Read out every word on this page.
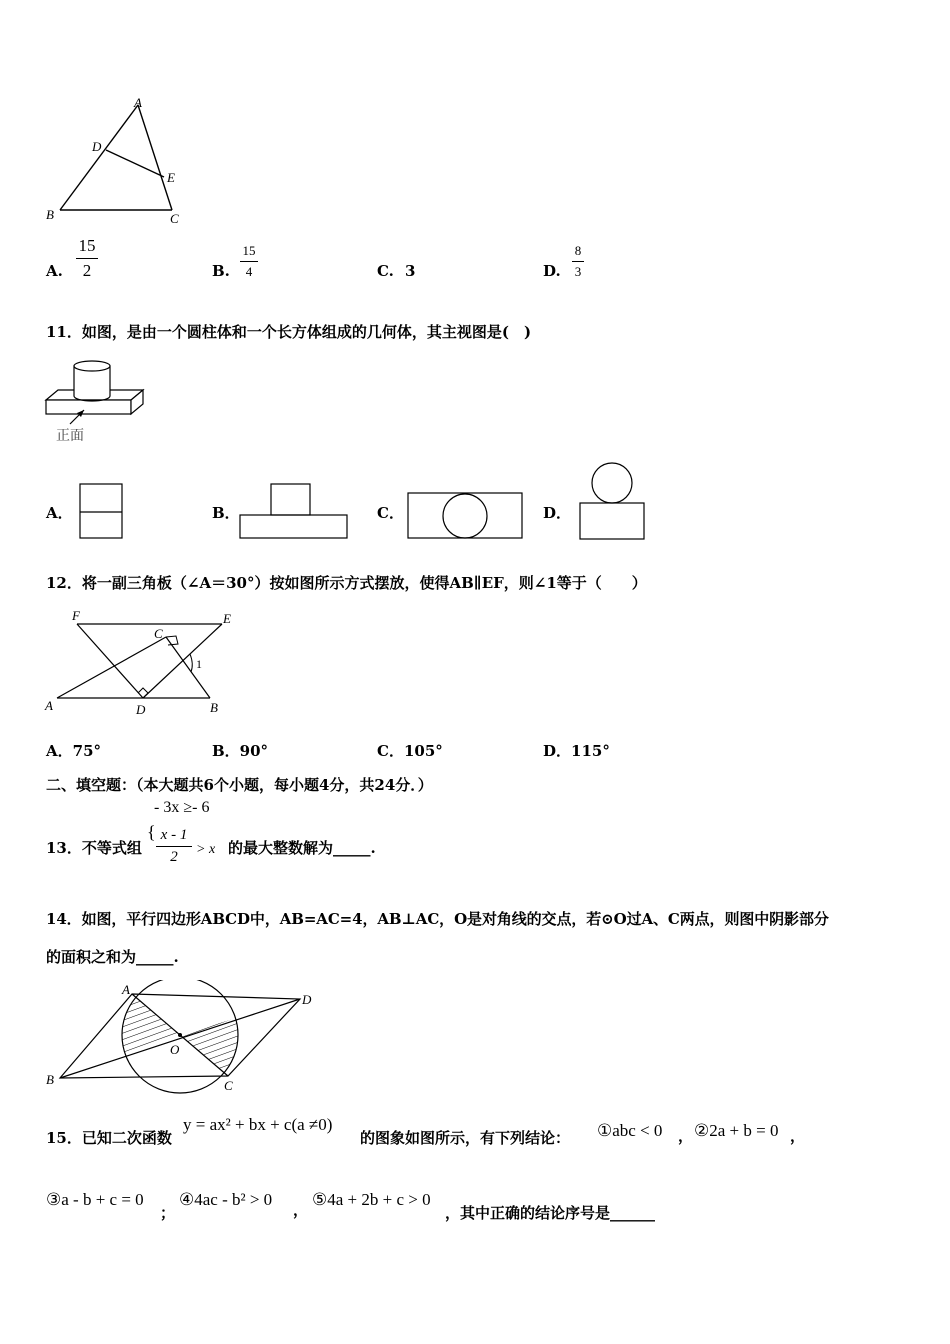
A
D
E
B	C
A.
15
2	B.
15
4	C. 3	D.
8
3
11．如图，是由一个圆柱体和一个长方体组成的几何体，其主视图是(　)
正面
A．	B．	C．	D．
12．将一副三角板（∠A＝30°）按如图所示方式摆放，使得AB∥EF，则∠1等于（　　）
F	E
C
1
A	D	B
A．75°	B．90°	C．105°	D．115°
二、填空题：（本大题共6个小题，每小题4分，共24分．）
- 3x ≥- 6
13．不等式组
{ x - 1
2	> x 的最大整数解为_____.
14．如图，平行四边形ABCD中，AB=AC=4，AB⊥AC，O是对角线的交点，若⊙O过A、C两点，则图中阴影部分
的面积之和为_____.
A
D
O
B	C
15．已知二次函数
y = ax² + bx + c(a ≠0)
的图象如图所示，有下列结论： ①abc < 0 ， ②2a + b = 0 ，
③a - b + c = 0
；
④4ac - b² > 0
，
⑤4a + 2b + c > 0
，其中正确的结论序号是______
